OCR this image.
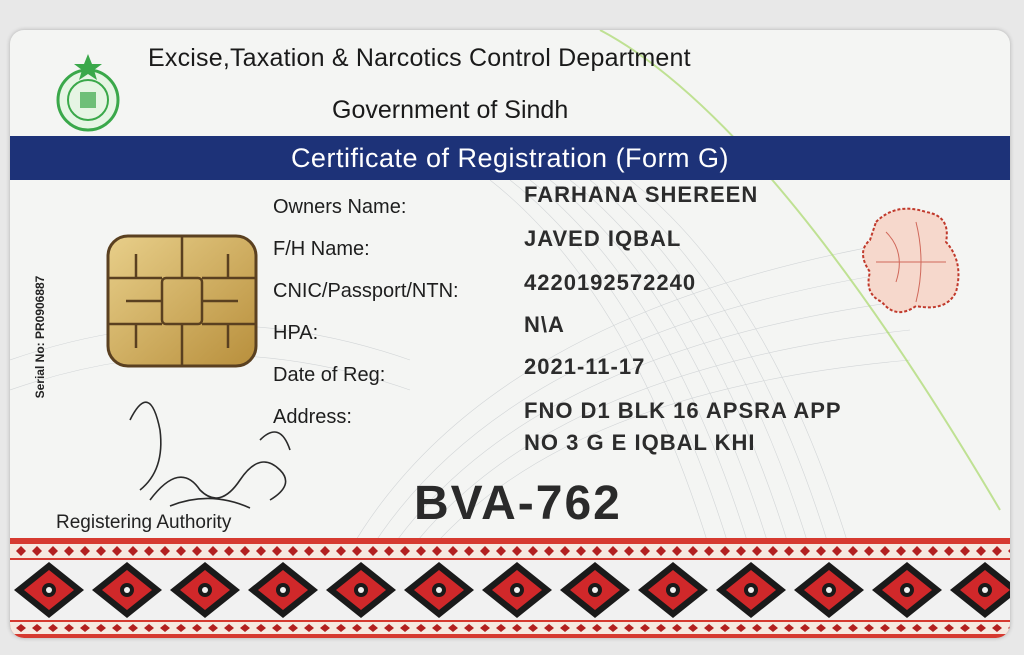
Excise,Taxation & Narcotics Control Department
Government of Sindh
Certificate of Registration (Form G)
Serial No: PR0906887
Owners Name:	FARHANA SHEREEN
F/H Name:	JAVED IQBAL
CNIC/Passport/NTN:	4220192572240
HPA:	N\A
Date of Reg:	2021-11-17
Address:	FNO D1 BLK 16 APSRA APP
NO 3 G E IQBAL KHI
Registering Authority	BVA-762
